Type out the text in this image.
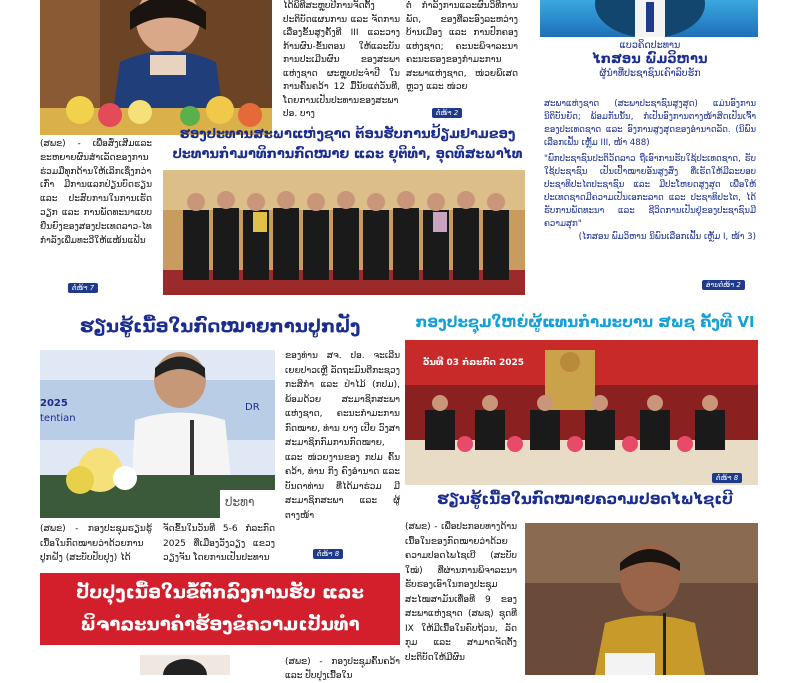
(ສພຂ) - ເພື່ອສົ່ງເສີມແລະຂະຫຍາຍຜົນສຳເລັດຂອງການຮ່ວມມືທຸກດ້ານໃຫ້ເລິກເຊິ່ງກວ່າເກົ່າ ມີການແລກປ່ຽນບົດຮຽນ ແລະ ປະສົບການໃນການເຮັດວຽກ ແລະ ການພັດທະນາແບບຍືນຍົງຂອງສອງປະເທດລາວ-ໄທ ກຳລັງເພີ່ມທະວີໃຫ້ແໜ້ນແຟ້ນ

ຕໍ່ໜ້າ 7

ໄດ້ພິທີສະຫຼຸບປີການຈັດຕັ້ງປະຕິບັດແຜນການ ແລະ ຈັດການເລື່ອງຂັ້ນສູງຄັ້ງທີ III ແລະວາງກ້ານຜົນ-ຂັ້ນຕອນ ໃຫ້ແລະບັນ ການປະເມີນຜົນ ຂອງສະພາແຫ່ງຊາດ ຜະຫຼຸບປະຈຳປີ ໃນການຄົ້ນຄວ້າ 12 ມື້ນັບແຕ່ວັນທີ, ໂດຍການເປັນປະທານຂອງສະພາ ປອ. ບາງ

ຕໍ່ ກຳລັງການແລະຜົນວິທີການພັດ, ຂອງທີ່ລະອົງລະຫວ່າງບ້ານເມືອງ ແລະ ການປົກຄອງແຫ່ງຊາດ; ຄະນະພິຈາລະນາຄະນະຮອງຂອງກຳມະການສະພາແຫ່ງຊາດ, ໜ່ວຍພິເສດຫຼວງ ແລະ ໜ່ວຍ

ຕໍ່ໜ້າ 2
ແບວຄິດປະທານ
ໄກສອນ ພົມວິຫານ
ຜູ້ນຳທີ່ປະຊາຊົນເຄົາລົບຮັກ

ສະພາແຫ່ງຊາດ (ສະພາປະຊາຊົນສູງສຸດ) ແມ່ນອົງການນິຕິບັນຍັດ; ພ້ອມກັນນັ້ນ, ກໍເປັນອົງການຕາງໜ້າສິດເປັນເຈົ້າຂອງປະເທດຊາດ ແລະ ອົງການສູງສຸດຂອງອຳນາດລັດ. (ນິພົນເລືອກເຟັ້ນ ເຫຼັ້ມ III, ໜ້າ 488)

"ພົກປະຊາຊົນປະຕິວັດລາວ ຖືເອົາການຮັບໃຊ້ປະເທດຊາດ, ຮັບໃຊ້ປະຊາຊົນ ເປັນເປົ້າໝາຍອັນສູງສົ່ງ ທີ່ເຮັດໃຫ້ມີລະບອບປະຊາທິປະໄຕປະຊາຊົນ ແລະ ມີປະໂຫຍດສູງສຸດ ເພື່ອໃຫ້ປະເທດຊາດມີຄວາມເປັນເອກະລາດ ແລະ ປະຊາທິປະໄຕ, ໄດ້ຮັບການພັດທະນາ ແລະ ຊີວິດການເປັນຢູ່ຂອງປະຊາຊົນມີຄວາມສຸກ"

(ໄກສອນ ພົມວິຫານ ນິພົນເລືອກເຟັ້ນ ເຫຼັ້ມ I, ໜ້າ 3)

ອ່ານຕໍ່ໜ້າ 2
ຮອງປະທານສະພາແຫ່ງຊາດ ຕ້ອນຮັບການຢ້ຽມຢາມຂອງ
ປະທານກຳມາທິການກົດໝາຍ ແລະ ຍຸຕິທຳ, ອຸດທິສະພາໄທ
ຮຽນຮູ້ເນື້ອໃນກົດໝາຍການປູກຝັງ
2025
tentian
DR
ປະທາ

ຂອງທ່ານ ສຈ. ປອ. ຈະເລີນ ເຍຍປາວເຫຼີ ລັດຖະມົນຕີກະຊວງກະສິກຳ ແລະ ປ່າໄມ້ (ກປມ), ພ້ອມດ້ວຍ ສະມາຊິກສະພາແຫ່ງຊາດ, ຄະນະກຳມະການກົດໝາຍ, ທ່ານ ບາງ ເປີຍ ວົງສາ ສະມາຊິກກົມການກົດໝາຍ, ແລະ ໜ່ວຍງານຂອງ ກປມ ຄົ້ນຄວ້າ, ທ່ານ ກິງ ຄົງອຳນາດ ແລະ ບັນດາທ່ານ ທີ່ໄດ້ມາຮ່ວມ ມີສະມາຊິກສະພາ ແລະ ຜູ້ຕາງໜ້າ

(ສພຂ) - ກອງປະຊຸມຮຽນຮູ້ເນື້ອໃນກົດໝາຍວ່າດ້ວຍການປູກຝັງ (ສະບັບປັບປຸງ) ໄດ້

ຈັດຂຶ້ນໃນວັນທີ 5-6 ກໍລະກົດ 2025 ທີ່ເມືອງວັງວຽງ ແຂວງວຽງຈັນ ໂດຍການເປັນປະທານ	ຕໍ່ໜ້າ 8
ປັບປຸງເນື້ອໃນຂໍ້ຕົກລົງການຮັບ ແລະ
ພິຈາລະນາຄຳຮ້ອງຂໍຄວາມເປັນທຳ

(ສພຂ) - ກອງປະຊຸມຄົ້ນຄວ້າ ແລະ ປັບປຸງເນື້ອໃນ

ກອງປະຊຸມໃຫຍ່ຜູ້ແທນກຳມະບານ ສພຊ ຄັ້ງທີ VI
ວັນທີ 03 ກໍລະກົດ 2025
ຕໍ່ໜ້າ 8
ຮຽນຮູ້ເນື້ອໃນກົດໝາຍຄວາມປອດໄພໄຊເບີ

(ສພຂ) - ເພື່ອປະກອບທາງດ້ານເນື້ອໃນຂອງກົດໝາຍວ່າດ້ວຍຄວາມປອດໄພໄຊເບີ (ສະບັບໃໝ່) ທີ່ຜ່ານການພິຈາລະນາຮັບຮອງເອົາໃນກອງປະຊຸມສະໄໝສາມັນເທື່ອທີ 9 ຂອງ ສະພາແຫ່ງຊາດ (ສພຊ) ຊຸດທີ IX ໃຫ້ມີເນື້ອໃນຄົບຖ້ວນ, ລັດກຸມ ແລະ ສາມາດຈັດຕັ້ງປະຕິບັດໃຫ້ມີຜົນ
